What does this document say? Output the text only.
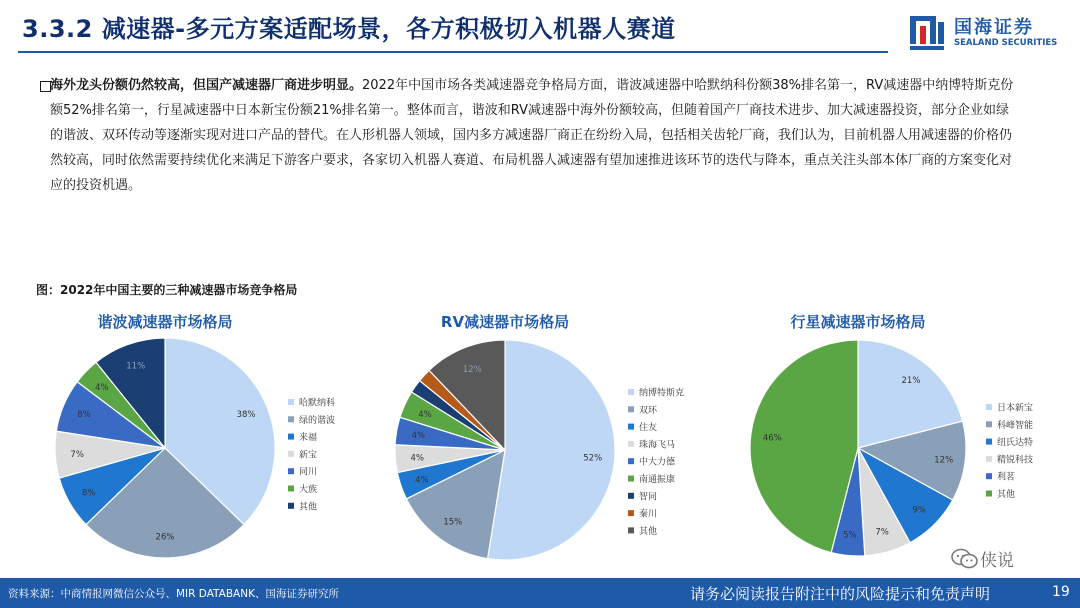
3.3.2 减速器-多元方案适配场景，各方积极切入机器人赛道	国海证券
SEALAND SECURITIES
海外龙头份额仍然较高，但国产减速器厂商进步明显。2022年中国市场各类减速器竞争格局方面，谐波减速器中哈默纳科份额38%排名第一，RV减速器中纳博特斯克份额52%排名第一，行星减速器中日本新宝份额21%排名第一。整体而言，谐波和RV减速器中海外份额较高，但随着国产厂商技术进步、加大减速器投资，部分企业如绿的谐波、双环传动等逐渐实现对进口产品的替代。在人形机器人领域，国内多方减速器厂商正在纷纷入局，包括相关齿轮厂商，我们认为，目前机器人用减速器的价格仍然较高，同时依然需要持续优化来满足下游客户要求，各家切入机器人赛道、布局机器人减速器有望加速推进该环节的迭代与降本，重点关注头部本体厂商的方案变化对应的投资机遇。
图：2022年中国主要的三种减速器市场竞争格局
谐波减速器市场格局
38%
26%
8%
7%
8%
4%
11%
哈默纳科
绿的谐波
来福
新宝
同川
大族
其他
RV减速器市场格局
52%
15%
4%
4%
4%
4%
12%
纳博特斯克
双环
住友
珠海飞马
中大力德
南通振康
智同
秦川
其他
行星减速器市场格局
21%
12%
9%
7%
5%
46%
日本新宝
科峰智能
纽氏达特
精锐科技
利茗
其他
侠说
资料来源：中商情报网微信公众号、MIR DATABANK、国海证券研究所	请务必阅读报告附注中的风险提示和免责声明	19
